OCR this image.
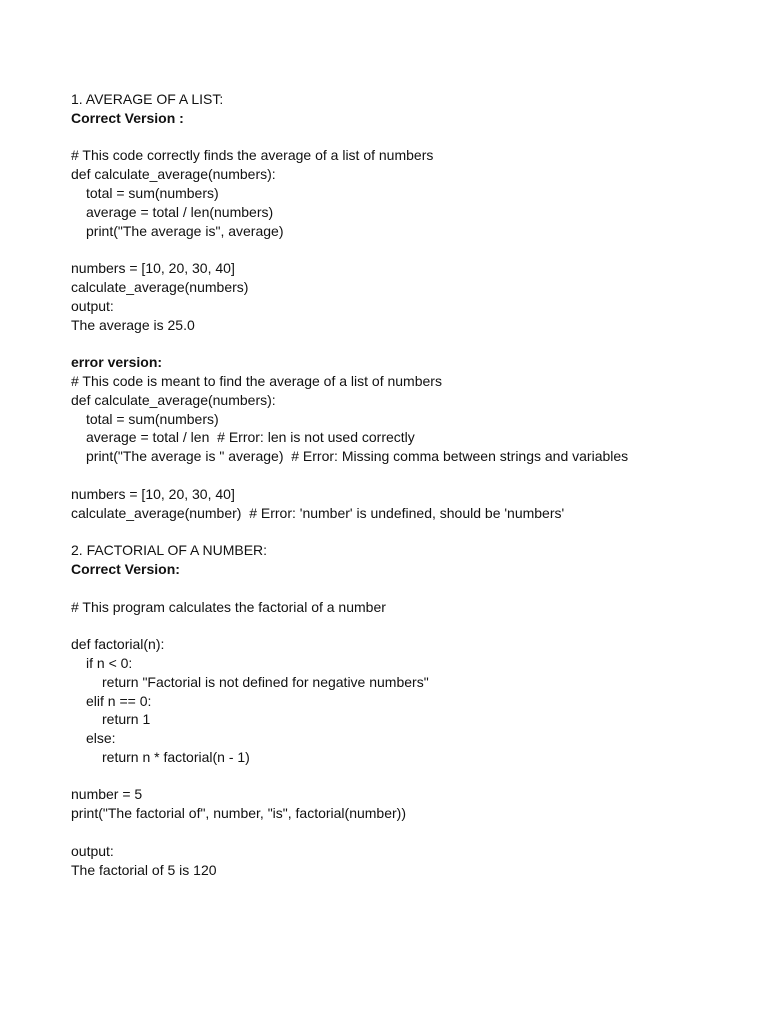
1. AVERAGE OF A LIST:
Correct Version :
# This code correctly finds the average of a list of numbers
def calculate_average(numbers):
total = sum(numbers)
average = total / len(numbers)
print("The average is", average)
numbers = [10, 20, 30, 40]
calculate_average(numbers)
output:
The average is 25.0
error version:
# This code is meant to find the average of a list of numbers
def calculate_average(numbers):
total = sum(numbers)
average = total / len  # Error: len is not used correctly
print("The average is " average)  # Error: Missing comma between strings and variables
numbers = [10, 20, 30, 40]
calculate_average(number)  # Error: 'number' is undefined, should be 'numbers'
2. FACTORIAL OF A NUMBER:
Correct Version:
# This program calculates the factorial of a number
def factorial(n):
if n < 0:
return "Factorial is not defined for negative numbers"
elif n == 0:
return 1
else:
return n * factorial(n - 1)
number = 5
print("The factorial of", number, "is", factorial(number))
output:
The factorial of 5 is 120
